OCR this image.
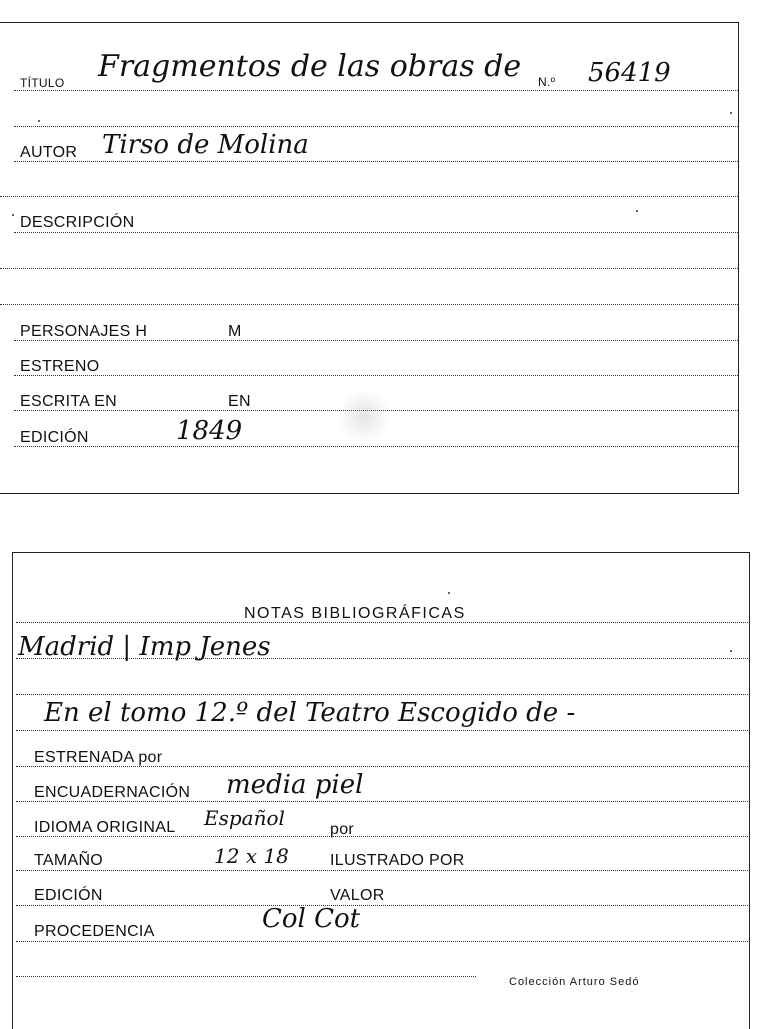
TÍTULO Fragmentos de las obras de N.º 56419
AUTOR Tirso de Molina
DESCRIPCIÓN
PERSONAJES H	M
ESTRENO
ESCRITA EN	EN
EDICIÓN	1849
NOTAS BIBLIOGRÁFICAS
Madrid | Imp Jenes
En el tomo 12.º del Teatro Escogido de -
ESTRENADA por
ENCUADERNACIÓN media piel
IDIOMA ORIGINAL Español	por
TAMAÑO	12 x 18	ILUSTRADO POR
EDICIÓN	VALOR
PROCEDENCIA	Col Cot
Colección Arturo Sedó
